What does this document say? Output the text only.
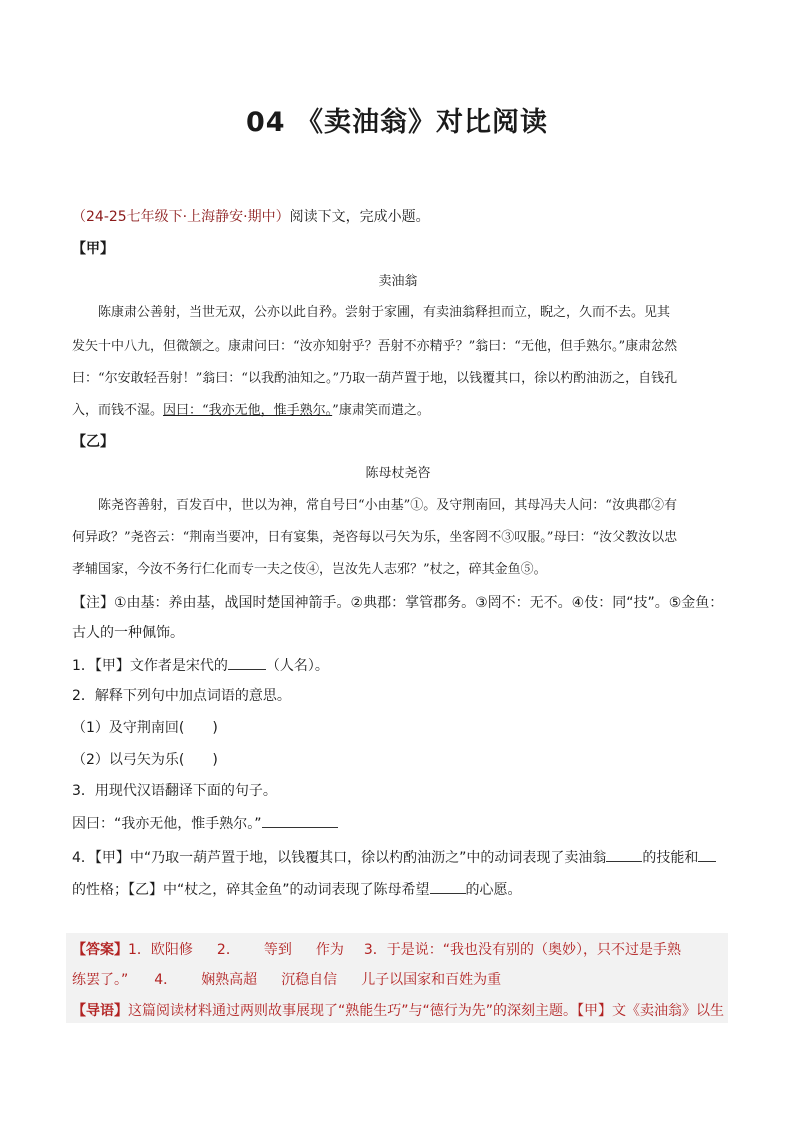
04 《卖油翁》对比阅读
（24-25七年级下·上海静安·期中）阅读下文，完成小题。
【甲】
卖油翁
陈康肃公善射，当世无双，公亦以此自矜。尝射于家圃，有卖油翁释担而立，睨之，久而不去。见其
发矢十中八九，但微颔之。康肃问曰：“汝亦知射乎？吾射不亦精乎？”翁曰：“无他，但手熟尔。”康肃忿然
曰：“尔安敢轻吾射！”翁曰：“以我酌油知之。”乃取一葫芦置于地，以钱覆其口，徐以杓酌油沥之，自钱孔
入，而钱不湿。因曰：“我亦无他，惟手熟尔。”康肃笑而遣之。
【乙】
陈母杖尧咨
陈尧咨善射，百发百中，世以为神，常自号曰“小由基”①。及守荆南回，其母冯夫人问：“汝典郡②有
何异政？”尧咨云：“荆南当要冲，日有宴集，尧咨每以弓矢为乐，坐客罔不③叹服。”母曰：“汝父教汝以忠
孝辅国家，今汝不务行仁化而专一夫之伎④，岂汝先人志邪？”杖之，碎其金鱼⑤。
【注】①由基：养由基，战国时楚国神箭手。②典郡：掌管郡务。③罔不：无不。④伎：同“技”。⑤金鱼：
古人的一种佩饰。
1．【甲】文作者是宋代的	（人名）。
2．解释下列句中加点词语的意思。
（1）及守荆南回(　　)
（2）以弓矢为乐(　　)
3．用现代汉语翻译下面的句子。
因曰：“我亦无他，惟手熟尔。”
4．【甲】中“乃取一葫芦置于地，以钱覆其口，徐以杓酌油沥之”中的动词表现了卖油翁	的技能和
的性格；【乙】中“杖之，碎其金鱼”的动词表现了陈母希望	的心愿。
【答案】1．欧阳修 2． 等到 作为 3．于是说：“我也没有别的（奥妙），只不过是手熟
练罢了。” 4． 娴熟高超 沉稳自信 儿子以国家和百姓为重
【导语】这篇阅读材料通过两则故事展现了“熟能生巧”与“德行为先”的深刻主题。【甲】文《卖油翁》以生
